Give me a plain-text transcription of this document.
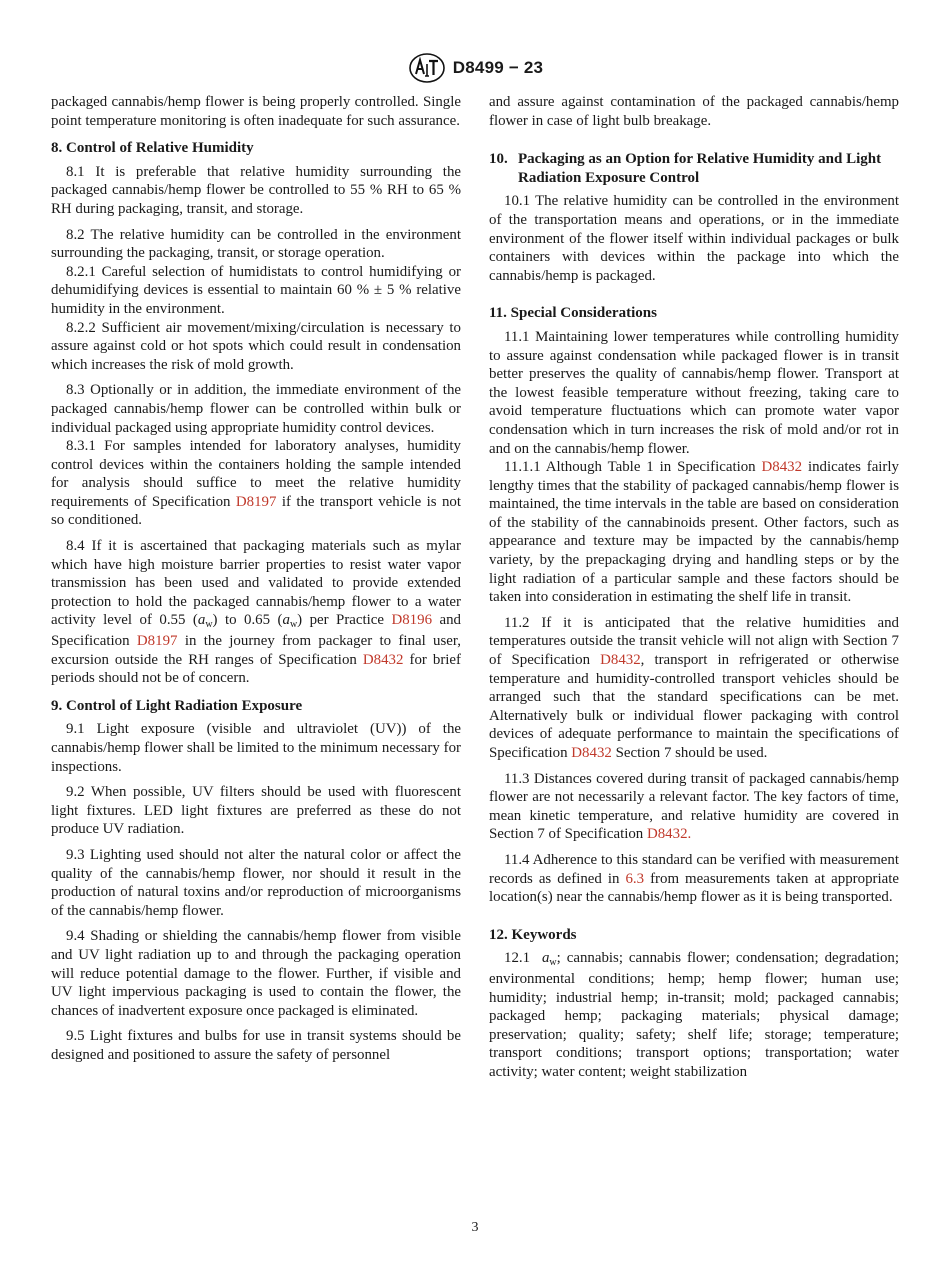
D8499 − 23

packaged cannabis/hemp flower is being properly controlled. Single point temperature monitoring is often inadequate for such assurance.

8. Control of Relative Humidity

8.1 It is preferable that relative humidity surrounding the packaged cannabis/hemp flower be controlled to 55 % RH to 65 % RH during packaging, transit, and storage.

8.2 The relative humidity can be controlled in the environment surrounding the packaging, transit, or storage operation.

8.2.1 Careful selection of humidistats to control humidifying or dehumidifying devices is essential to maintain 60 % ± 5 % relative humidity in the environment.

8.2.2 Sufficient air movement/mixing/circulation is necessary to assure against cold or hot spots which could result in condensation which increases the risk of mold growth.

8.3 Optionally or in addition, the immediate environment of the packaged cannabis/hemp flower can be controlled within bulk or individual packaged using appropriate humidity control devices.

8.3.1 For samples intended for laboratory analyses, humidity control devices within the containers holding the sample intended for analysis should suffice to meet the relative humidity requirements of Specification D8197 if the transport vehicle is not so conditioned.

8.4 If it is ascertained that packaging materials such as mylar which have high moisture barrier properties to resist water vapor transmission has been used and validated to provide extended protection to hold the packaged cannabis/hemp flower to a water activity level of 0.55 $(a_w)$ to 0.65 $(a_w)$ per Practice D8196 and Specification D8197 in the journey from packager to final user, excursion outside the RH ranges of Specification D8432 for brief periods should not be of concern.

9. Control of Light Radiation Exposure

9.1 Light exposure (visible and ultraviolet (UV)) of the cannabis/hemp flower shall be limited to the minimum necessary for inspections.

9.2 When possible, UV filters should be used with fluorescent light fixtures. LED light fixtures are preferred as these do not produce UV radiation.

9.3 Lighting used should not alter the natural color or affect the quality of the cannabis/hemp flower, nor should it result in the production of natural toxins and/or reproduction of microorganisms of the cannabis/hemp flower.

9.4 Shading or shielding the cannabis/hemp flower from visible and UV light radiation up to and through the packaging operation will reduce potential damage to the flower. Further, if visible and UV light impervious packaging is used to contain the flower, the chances of inadvertent exposure once packaged is eliminated.

9.5 Light fixtures and bulbs for use in transit systems should be designed and positioned to assure the safety of personnel

and assure against contamination of the packaged cannabis/hemp flower in case of light bulb breakage.

10. Packaging as an Option for Relative Humidity and Light Radiation Exposure Control

10.1 The relative humidity can be controlled in the environment of the transportation means and operations, or in the immediate environment of the flower itself within individual packages or bulk containers with devices within the package into which the cannabis/hemp is packaged.

11. Special Considerations

11.1 Maintaining lower temperatures while controlling humidity to assure against condensation while packaged flower is in transit better preserves the quality of cannabis/hemp flower. Transport at the lowest feasible temperature without freezing, taking care to avoid temperature fluctuations which can promote water vapor condensation which in turn increases the risk of mold and/or rot in and on the cannabis/hemp flower.

11.1.1 Although Table 1 in Specification D8432 indicates fairly lengthy times that the stability of packaged cannabis/hemp flower is maintained, the time intervals in the table are based on consideration of the stability of the cannabinoids present. Other factors, such as appearance and texture may be impacted by the cannabis/hemp variety, by the prepackaging drying and handling steps or by the light radiation of a particular sample and these factors should be taken into consideration in estimating the shelf life in transit.

11.2 If it is anticipated that the relative humidities and temperatures outside the transit vehicle will not align with Section 7 of Specification D8432, transport in refrigerated or otherwise temperature and humidity-controlled transport vehicles should be arranged such that the standard specifications can be met. Alternatively bulk or individual flower packaging with control devices of adequate performance to maintain the specifications of Specification D8432 Section 7 should be used.

11.3 Distances covered during transit of packaged cannabis/hemp flower are not necessarily a relevant factor. The key factors of time, mean kinetic temperature, and relative humidity are covered in Section 7 of Specification D8432.

11.4 Adherence to this standard can be verified with measurement records as defined in 6.3 from measurements taken at appropriate location(s) near the cannabis/hemp flower as it is being transported.

12. Keywords

12.1 $a_w$; cannabis; cannabis flower; condensation; degradation; environmental conditions; hemp; hemp flower; human use; humidity; industrial hemp; in-transit; mold; packaged cannabis; packaged hemp; packaging materials; physical damage; preservation; quality; safety; shelf life; storage; temperature; transport conditions; transport options; transportation; water activity; water content; weight stabilization

3
